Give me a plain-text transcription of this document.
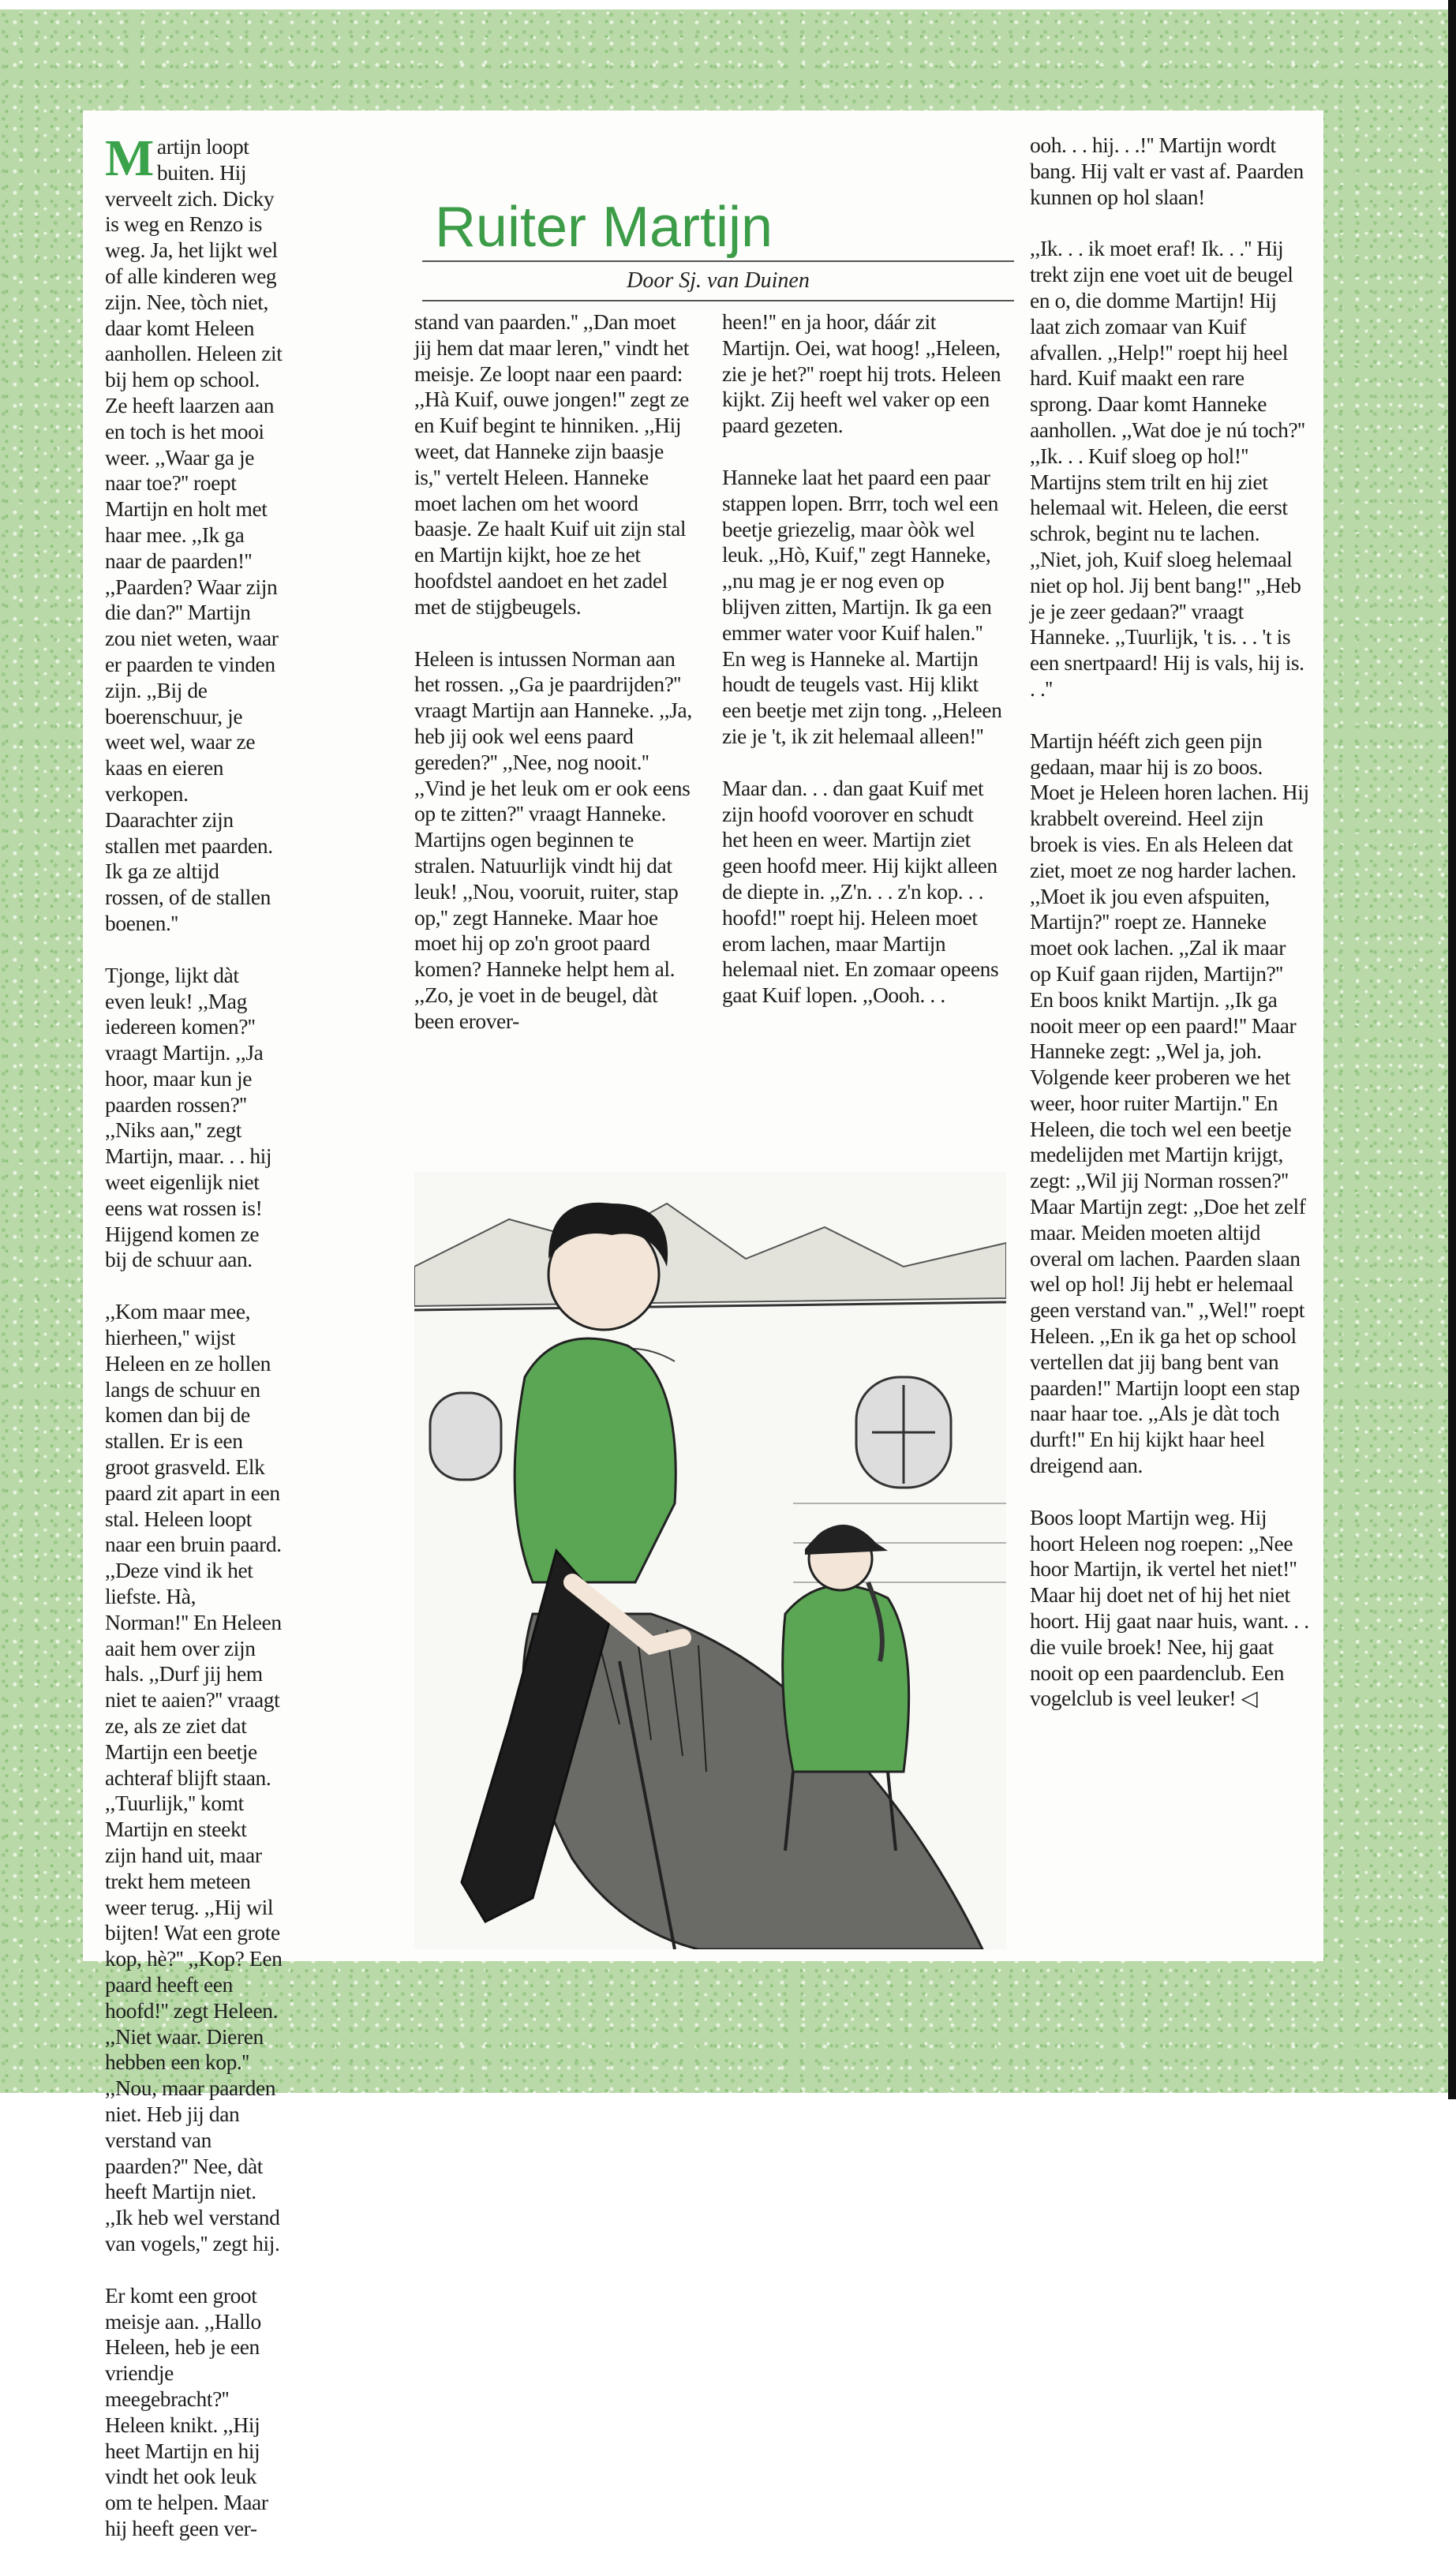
Martijn loopt buiten. Hij verveelt zich. Dicky is weg en Renzo is weg. Ja, het lijkt wel of alle kinderen weg zijn. Nee, tòch niet, daar komt Heleen aanhollen. Heleen zit bij hem op school. Ze heeft laarzen aan en toch is het mooi weer. ,,Waar ga je naar toe?'' roept Martijn en holt met haar mee. ,,Ik ga naar de paarden!'' ,,Paarden? Waar zijn die dan?'' Martijn zou niet weten, waar er paarden te vinden zijn. ,,Bij de boerenschuur, je weet wel, waar ze kaas en eieren verkopen. Daarachter zijn stallen met paarden. Ik ga ze altijd rossen, of de stallen boenen.''

Tjonge, lijkt dàt even leuk! ,,Mag iedereen komen?'' vraagt Martijn. ,,Ja hoor, maar kun je paarden rossen?'' ,,Niks aan,'' zegt Martijn, maar. . . hij weet eigenlijk niet eens wat rossen is! Hijgend komen ze bij de schuur aan.

,,Kom maar mee, hierheen,'' wijst Heleen en ze hollen langs de schuur en komen dan bij de stallen. Er is een groot grasveld. Elk paard zit apart in een stal. Heleen loopt naar een bruin paard. ,,Deze vind ik het liefste. Hà, Norman!'' En Heleen aait hem over zijn hals. ,,Durf jij hem niet te aaien?'' vraagt ze, als ze ziet dat Martijn een beetje achteraf blijft staan. ,,Tuurlijk,'' komt Martijn en steekt zijn hand uit, maar trekt hem meteen weer terug. ,,Hij wil bijten! Wat een grote kop, hè?'' ,,Kop? Een paard heeft een hoofd!'' zegt Heleen. ,,Niet waar. Dieren hebben een kop.'' ,,Nou, maar paarden niet. Heb jij dan verstand van paarden?'' Nee, dàt heeft Martijn niet. ,,Ik heb wel verstand van vogels,'' zegt hij.

Er komt een groot meisje aan. ,,Hallo Heleen, heb je een vriendje meegebracht?'' Heleen knikt. ,,Hij heet Martijn en hij vindt het ook leuk om te helpen. Maar hij heeft geen ver-

Ruiter Martijn
Door Sj. van Duinen

stand van paarden.'' ,,Dan moet jij hem dat maar leren,'' vindt het meisje. Ze loopt naar een paard: ,,Hà Kuif, ouwe jongen!'' zegt ze en Kuif begint te hinniken. ,,Hij weet, dat Hanneke zijn baasje is,'' vertelt Heleen. Hanneke moet lachen om het woord baasje. Ze haalt Kuif uit zijn stal en Martijn kijkt, hoe ze het hoofdstel aandoet en het zadel met de stijgbeugels.

Heleen is intussen Norman aan het rossen. ,,Ga je paardrijden?'' vraagt Martijn aan Hanneke. ,,Ja, heb jij ook wel eens paard gereden?'' ,,Nee, nog nooit.'' ,,Vind je het leuk om er ook eens op te zitten?'' vraagt Hanneke. Martijns ogen beginnen te stralen. Natuurlijk vindt hij dat leuk! ,,Nou, vooruit, ruiter, stap op,'' zegt Hanneke. Maar hoe moet hij op zo'n groot paard komen? Hanneke helpt hem al. ,,Zo, je voet in de beugel, dàt been erover-

heen!'' en ja hoor, dáár zit Martijn. Oei, wat hoog! ,,Heleen, zie je het?'' roept hij trots. Heleen kijkt. Zij heeft wel vaker op een paard gezeten.

Hanneke laat het paard een paar stappen lopen. Brrr, toch wel een beetje griezelig, maar òòk wel leuk. ,,Hò, Kuif,'' zegt Hanneke, ,,nu mag je er nog even op blijven zitten, Martijn. Ik ga een emmer water voor Kuif halen.'' En weg is Hanneke al. Martijn houdt de teugels vast. Hij klikt een beetje met zijn tong. ,,Heleen zie je 't, ik zit helemaal alleen!''

Maar dan. . . dan gaat Kuif met zijn hoofd voorover en schudt het heen en weer. Martijn ziet geen hoofd meer. Hij kijkt alleen de diepte in. ,,Z'n. . . z'n kop. . . hoofd!'' roept hij. Heleen moet erom lachen, maar Martijn helemaal niet. En zomaar opeens gaat Kuif lopen. ,,Oooh. . .

ooh. . . hij. . .!'' Martijn wordt bang. Hij valt er vast af. Paarden kunnen op hol slaan!

,,Ik. . . ik moet eraf! Ik. . .'' Hij trekt zijn ene voet uit de beugel en o, die domme Martijn! Hij laat zich zomaar van Kuif afvallen. ,,Help!'' roept hij heel hard. Kuif maakt een rare sprong. Daar komt Hanneke aanhollen. ,,Wat doe je nú toch?'' ,,Ik. . . Kuif sloeg op hol!'' Martijns stem trilt en hij ziet helemaal wit. Heleen, die eerst schrok, begint nu te lachen. ,,Niet, joh, Kuif sloeg helemaal niet op hol. Jij bent bang!'' ,,Heb je je zeer gedaan?'' vraagt Hanneke. ,,Tuurlijk, 't is. . . 't is een snertpaard! Hij is vals, hij is. . .''

Martijn hééft zich geen pijn gedaan, maar hij is zo boos. Moet je Heleen horen lachen. Hij krabbelt overeind. Heel zijn broek is vies. En als Heleen dat ziet, moet ze nog harder lachen. ,,Moet ik jou even afspuiten, Martijn?'' roept ze. Hanneke moet ook lachen. ,,Zal ik maar op Kuif gaan rijden, Martijn?'' En boos knikt Martijn. ,,Ik ga nooit meer op een paard!'' Maar Hanneke zegt: ,,Wel ja, joh. Volgende keer proberen we het weer, hoor ruiter Martijn.'' En Heleen, die toch wel een beetje medelijden met Martijn krijgt, zegt: ,,Wil jij Norman rossen?'' Maar Martijn zegt: ,,Doe het zelf maar. Meiden moeten altijd overal om lachen. Paarden slaan wel op hol! Jij hebt er helemaal geen verstand van.'' ,,Wel!'' roept Heleen. ,,En ik ga het op school vertellen dat jij bang bent van paarden!'' Martijn loopt een stap naar haar toe. ,,Als je dàt toch durft!'' En hij kijkt haar heel dreigend aan.

Boos loopt Martijn weg. Hij hoort Heleen nog roepen: ,,Nee hoor Martijn, ik vertel het niet!'' Maar hij doet net of hij het niet hoort. Hij gaat naar huis, want. . . die vuile broek! Nee, hij gaat nooit op een paardenclub. Een vogelclub is veel leuker! ◁
